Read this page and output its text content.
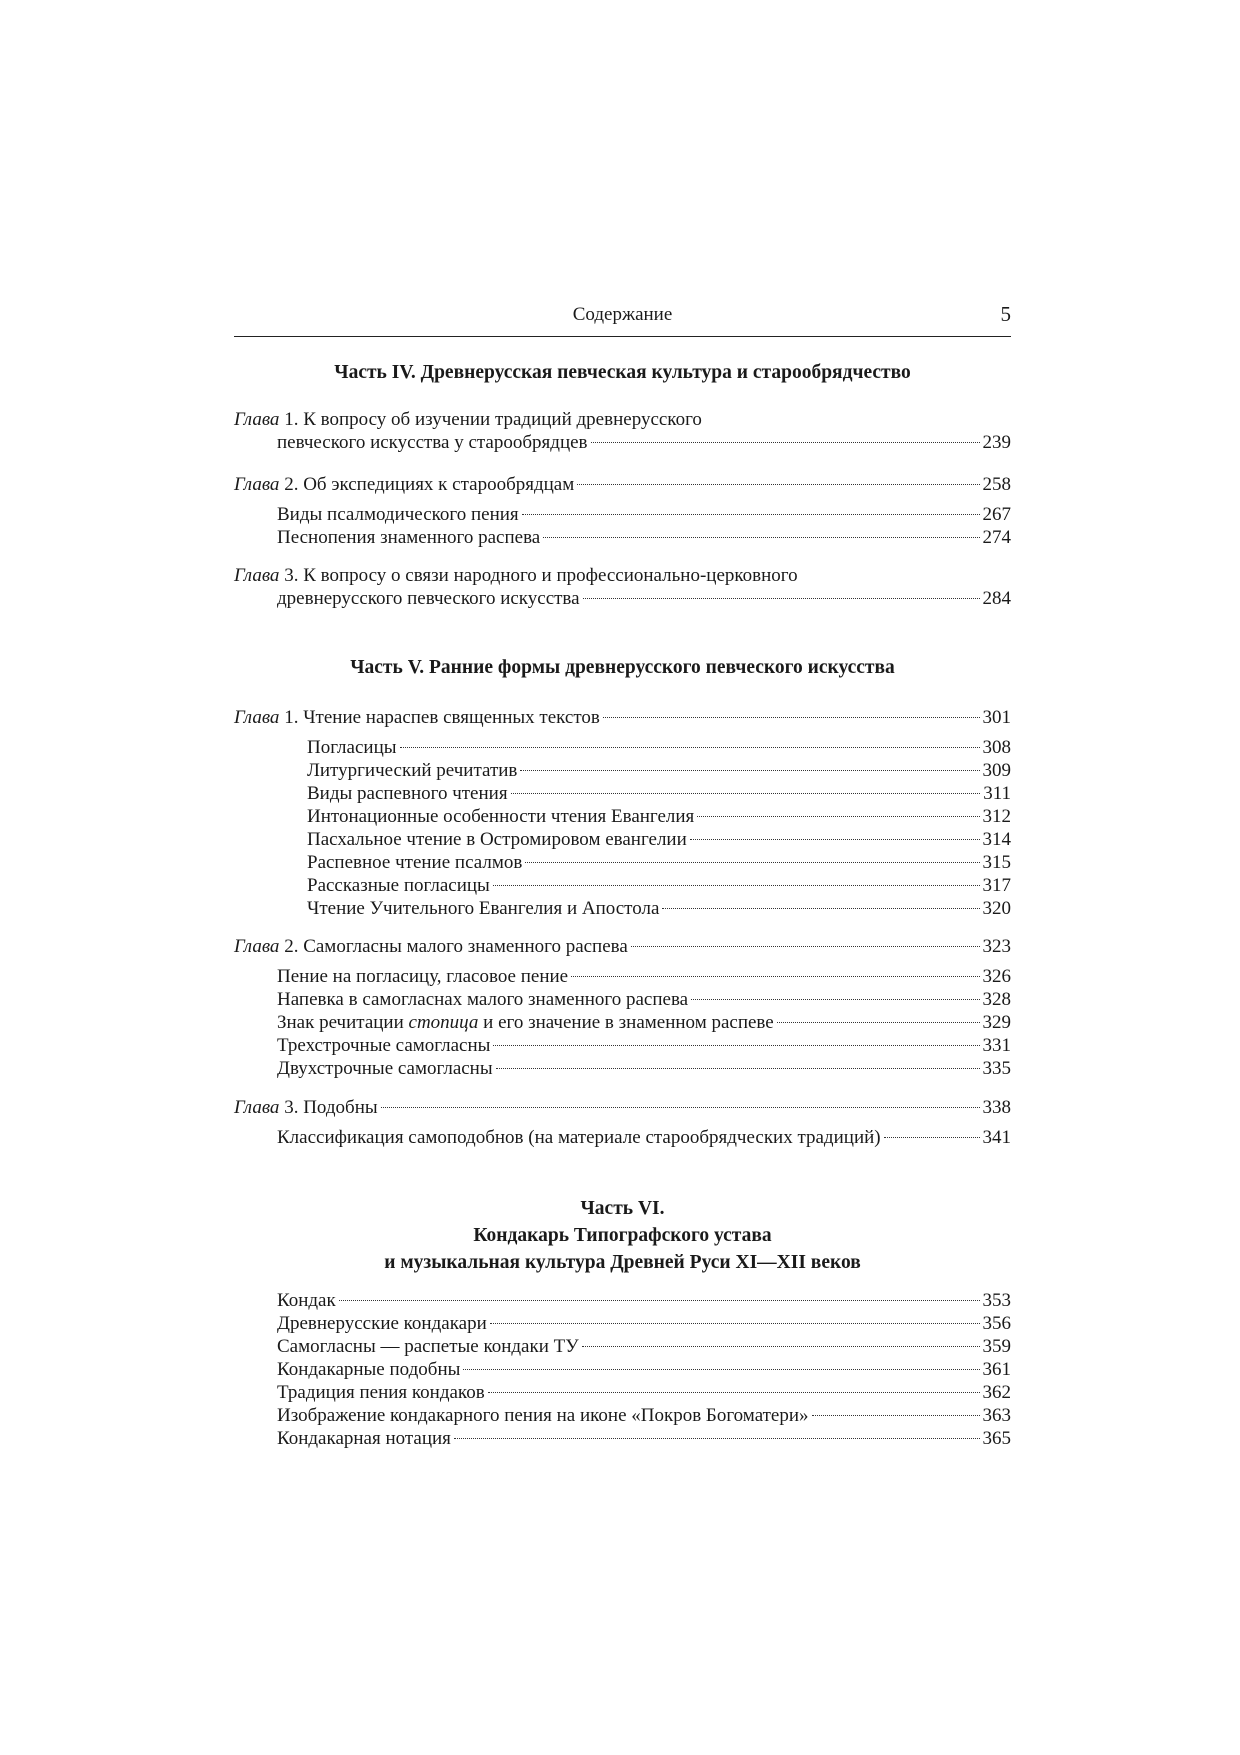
Содержание	5
Часть IV. Древнерусская певческая культура и старообрядчество
Глава 1. К вопросу об изучении традиций древнерусского
певческого искусства у старообрядцев	239
Глава 2. Об экспедициях к старообрядцам	258
Виды псалмодического пения	267
Песнопения знаменного распева	274
Глава 3. К вопросу о связи народного и профессионально-церковного
древнерусского певческого искусства	284
Часть V. Ранние формы древнерусского певческого искусства
Глава 1. Чтение нараспев священных текстов	301
Погласицы	308
Литургический речитатив	309
Виды распевного чтения	311
Интонационные особенности чтения Евангелия	312
Пасхальное чтение в Остромировом евангелии	314
Распевное чтение псалмов	315
Рассказные погласицы	317
Чтение Учительного Евангелия и Апостола	320
Глава 2. Самогласны малого знаменного распева	323
Пение на погласицу, гласовое пение	326
Напевка в самогласнах малого знаменного распева	328
Знак речитации стопица и его значение в знаменном распеве	329
Трехстрочные самогласны	331
Двухстрочные самогласны	335
Глава 3. Подобны	338
Классификация самоподобнов (на материале старообрядческих традиций)	341
Часть VI.
Кондакарь Типографского устава
и музыкальная культура Древней Руси XI—XII веков
Кондак	353
Древнерусские кондакари	356
Самогласны — распетые кондаки ТУ	359
Кондакарные подобны	361
Традиция пения кондаков	362
Изображение кондакарного пения на иконе «Покров Богоматери»	363
Кондакарная нотация	365
